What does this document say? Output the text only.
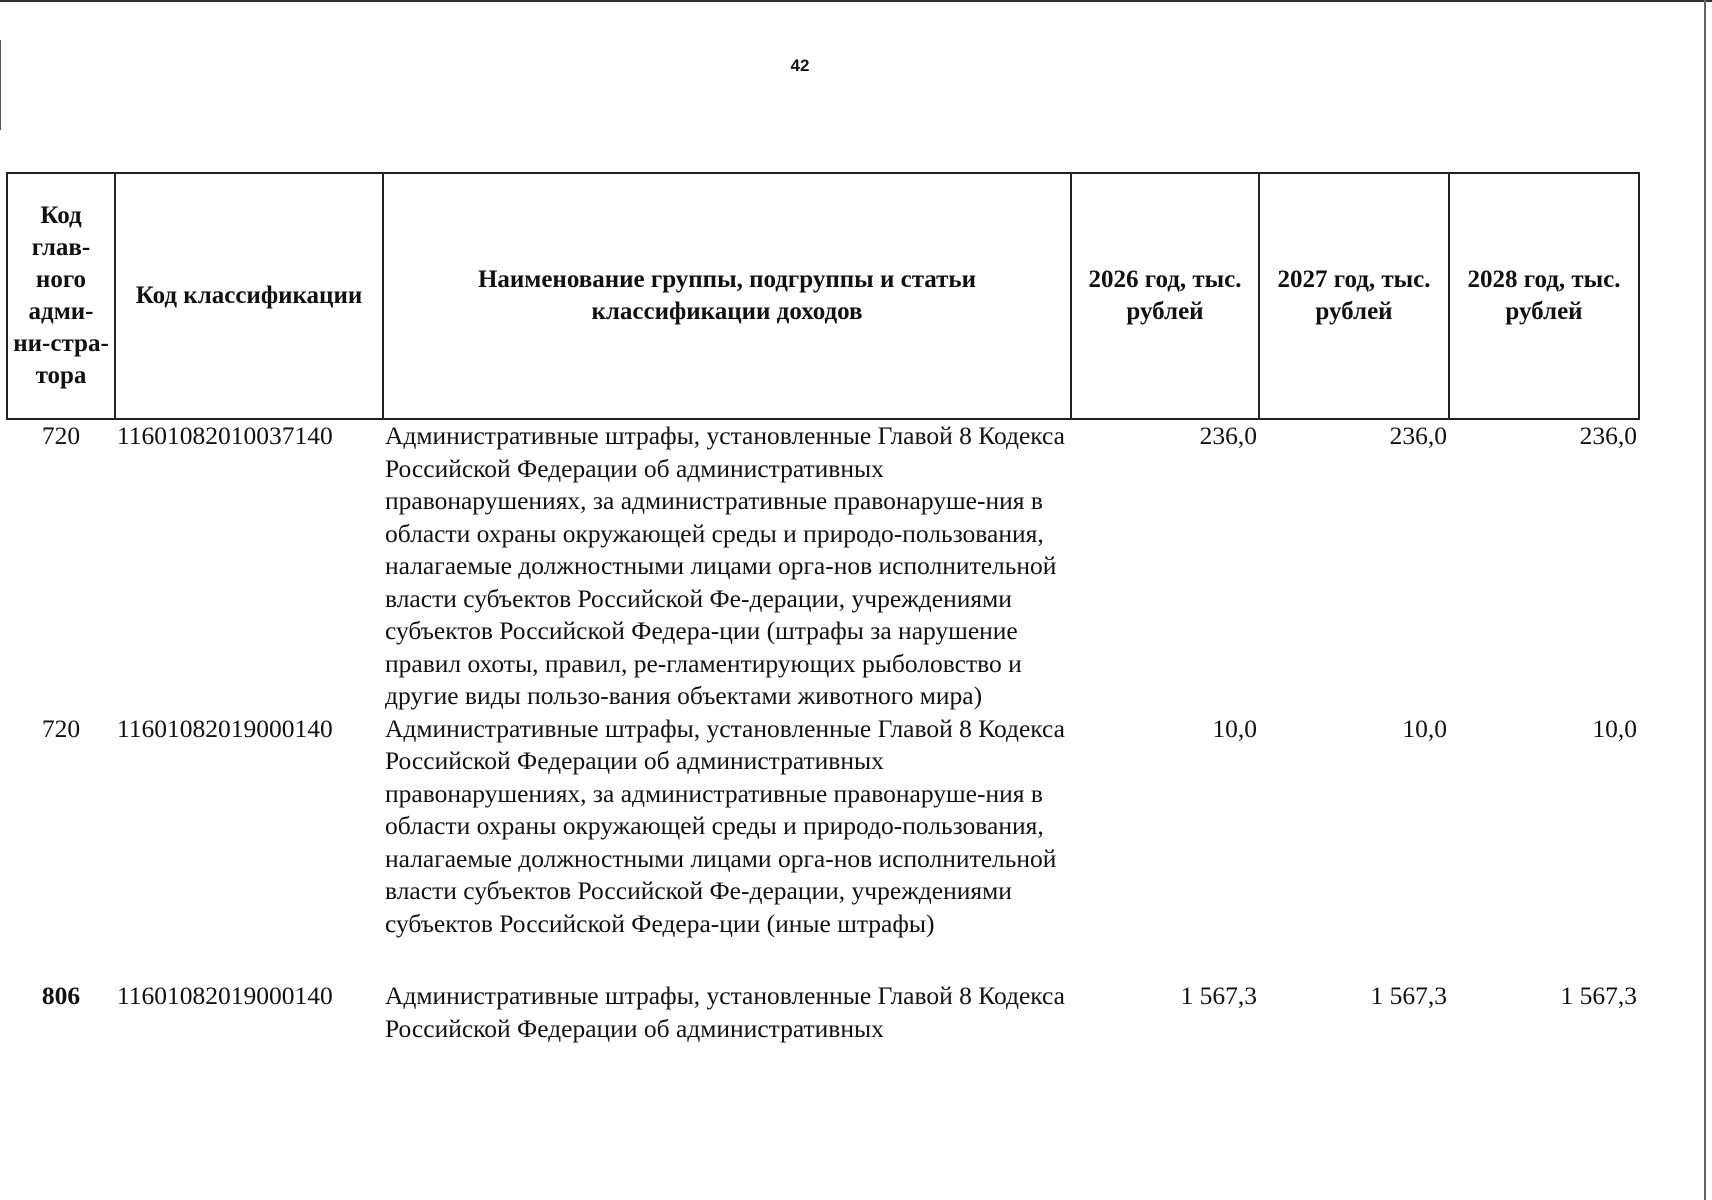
42
Код глав-ного адми-ни-стра-тора	Код классификации	Наименование группы, подгруппы и статьи классификации доходов	2026 год, тыс. рублей	2027 год, тыс. рублей	2028 год, тыс. рублей
720	11601082010037140	Административные штрафы, установленные Главой 8 Кодекса Российской Федерации об административных правонарушениях, за административные правонаруше-ния в области охраны окружающей среды и природо-пользования, налагаемые должностными лицами орга-нов исполнительной власти субъектов Российской Фе-дерации, учреждениями субъектов Российской Федера-ции (штрафы за нарушение правил охоты, правил, ре-гламентирующих рыболовство и другие виды пользо-вания объектами животного мира)	236,0	236,0	236,0
720	11601082019000140	Административные штрафы, установленные Главой 8 Кодекса Российской Федерации об административных правонарушениях, за административные правонаруше-ния в области охраны окружающей среды и природо-пользования, налагаемые должностными лицами орга-нов исполнительной власти субъектов Российской Фе-дерации, учреждениями субъектов Российской Федера-ции (иные штрафы)	10,0	10,0	10,0
806	11601082019000140	Административные штрафы, установленные Главой 8 Кодекса Российской Федерации об административных	1 567,3	1 567,3	1 567,3
